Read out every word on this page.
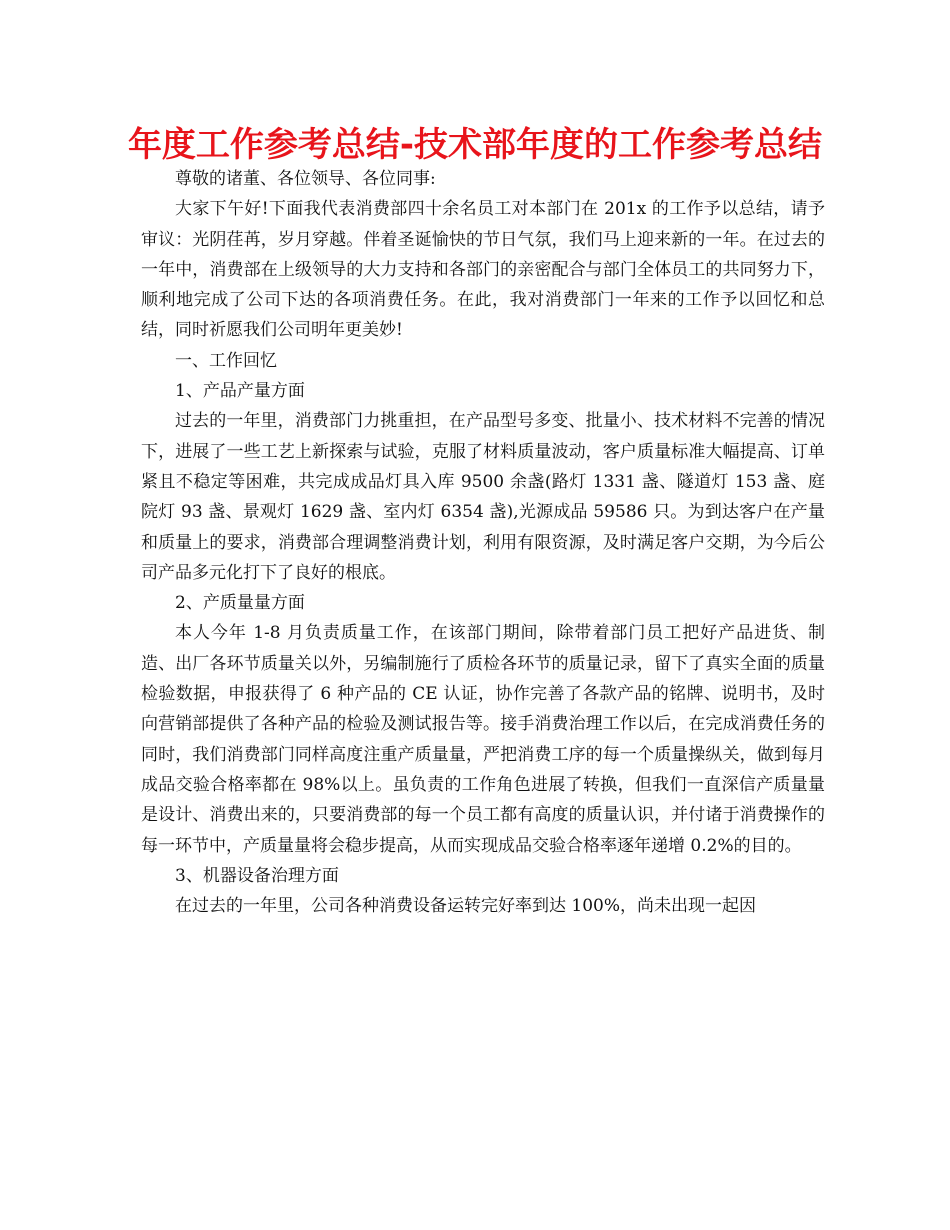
年度工作参考总结-技术部年度的工作参考总结

尊敬的诸董、各位领导、各位同事:

大家下午好!下面我代表消费部四十余名员工对本部门在 201x 的工作予以总结，请予审议：光阴荏苒，岁月穿越。伴着圣诞愉快的节日气氛，我们马上迎来新的一年。在过去的一年中，消费部在上级领导的大力支持和各部门的亲密配合与部门全体员工的共同努力下，顺利地完成了公司下达的各项消费任务。在此，我对消费部门一年来的工作予以回忆和总结，同时祈愿我们公司明年更美妙!

一、工作回忆

1、产品产量方面

过去的一年里，消费部门力挑重担，在产品型号多变、批量小、技术材料不完善的情况下，进展了一些工艺上新探索与试验，克服了材料质量波动，客户质量标准大幅提高、订单紧且不稳定等困难，共完成成品灯具入库 9500 余盏(路灯 1331 盏、隧道灯 153 盏、庭院灯 93 盏、景观灯 1629 盏、室内灯 6354 盏),光源成品 59586 只。为到达客户在产量和质量上的要求，消费部合理调整消费计划，利用有限资源，及时满足客户交期，为今后公司产品多元化打下了良好的根底。

2、产质量量方面

本人今年 1-8 月负责质量工作，在该部门期间，除带着部门员工把好产品进货、制造、出厂各环节质量关以外，另编制施行了质检各环节的质量记录，留下了真实全面的质量检验数据，申报获得了 6 种产品的 CE 认证，协作完善了各款产品的铭牌、说明书，及时向营销部提供了各种产品的检验及测试报告等。接手消费治理工作以后，在完成消费任务的同时，我们消费部门同样高度注重产质量量，严把消费工序的每一个质量操纵关，做到每月成品交验合格率都在 98%以上。虽负责的工作角色进展了转换，但我们一直深信产质量量是设计、消费出来的，只要消费部的每一个员工都有高度的质量认识，并付诸于消费操作的每一环节中，产质量量将会稳步提高，从而实现成品交验合格率逐年递增 0.2%的目的。

3、机器设备治理方面

在过去的一年里，公司各种消费设备运转完好率到达 100%，尚未出现一起因
